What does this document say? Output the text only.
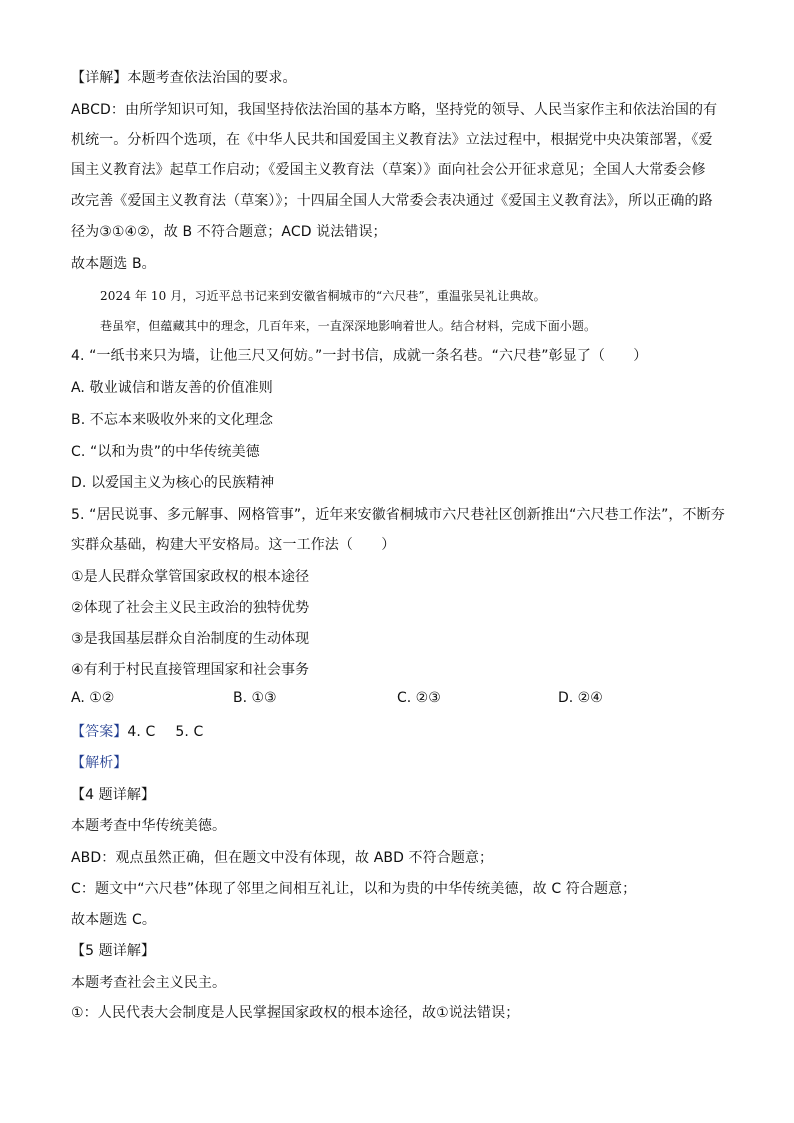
【详解】本题考查依法治国的要求。
ABCD：由所学知识可知，我国坚持依法治国的基本方略，坚持党的领导、人民当家作主和依法治国的有
机统一。分析四个选项，在《中华人民共和国爱国主义教育法》立法过程中，根据党中央决策部署，《爱
国主义教育法》起草工作启动；《爱国主义教育法（草案）》面向社会公开征求意见；全国人大常委会修
改完善《爱国主义教育法（草案）》；十四届全国人大常委会表决通过《爱国主义教育法》，所以正确的路
径为③①④②，故 B 不符合题意；ACD 说法错误；
故本题选 B。
2024 年 10 月，习近平总书记来到安徽省桐城市的“六尺巷”，重温张吴礼让典故。
巷虽窄，但蕴藏其中的理念，几百年来，一直深深地影响着世人。结合材料，完成下面小题。
4. “一纸书来只为墙，让他三尺又何妨。”一封书信，成就一条名巷。“六尺巷”彰显了（　　）
A. 敬业诚信和谐友善的价值准则
B. 不忘本来吸收外来的文化理念
C. “以和为贵”的中华传统美德
D. 以爱国主义为核心的民族精神
5. “居民说事、多元解事、网格管事”，近年来安徽省桐城市六尺巷社区创新推出“六尺巷工作法”，不断夯
实群众基础，构建大平安格局。这一工作法（　　）
①是人民群众掌管国家政权的根本途径
②体现了社会主义民主政治的独特优势
③是我国基层群众自治制度的生动体现
④有利于村民直接管理国家和社会事务
A. ①②	B. ①③	C. ②③	D. ②④
【答案】4. C 5. C
【解析】
【4 题详解】
本题考查中华传统美德。
ABD：观点虽然正确，但在题文中没有体现，故 ABD 不符合题意；
C：题文中“六尺巷”体现了邻里之间相互礼让，以和为贵的中华传统美德，故 C 符合题意；
故本题选 C。
【5 题详解】
本题考查社会主义民主。
①：人民代表大会制度是人民掌握国家政权的根本途径，故①说法错误；
